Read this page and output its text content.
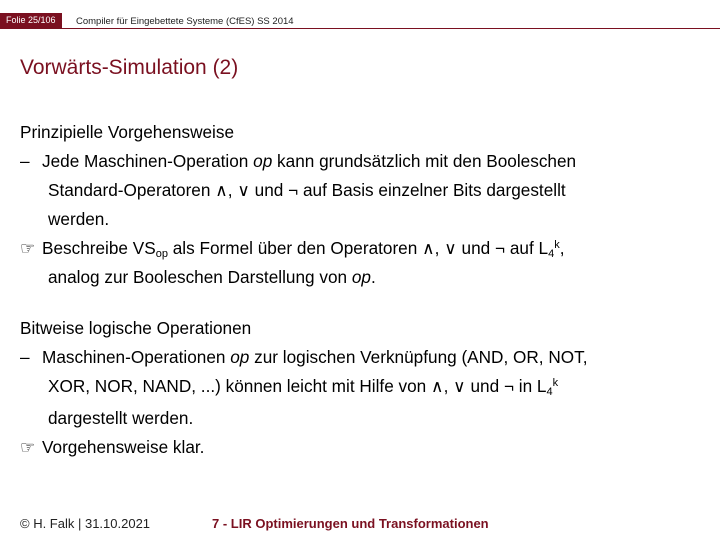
Folie 25/106	Compiler für Eingebettete Systeme (CfES) SS 2014
Vorwärts-Simulation (2)
Prinzipielle Vorgehensweise
– Jede Maschinen-Operation op kann grundsätzlich mit den Booleschen
Standard-Operatoren ∧, ∨ und ¬ auf Basis einzelner Bits dargestellt
werden.
☞ Beschreibe $VS_{op}$ als Formel über den Operatoren ∧, ∨ und ¬ auf $L_4^k$,
analog zur Booleschen Darstellung von op.
Bitweise logische Operationen
– Maschinen-Operationen op zur logischen Verknüpfung (AND, OR, NOT,
XOR, NOR, NAND, ...) können leicht mit Hilfe von ∧, ∨ und ¬ in $L_4^k$
dargestellt werden.
☞ Vorgehensweise klar.
© H. Falk | 31.10.2021	7 - LIR Optimierungen und Transformationen
